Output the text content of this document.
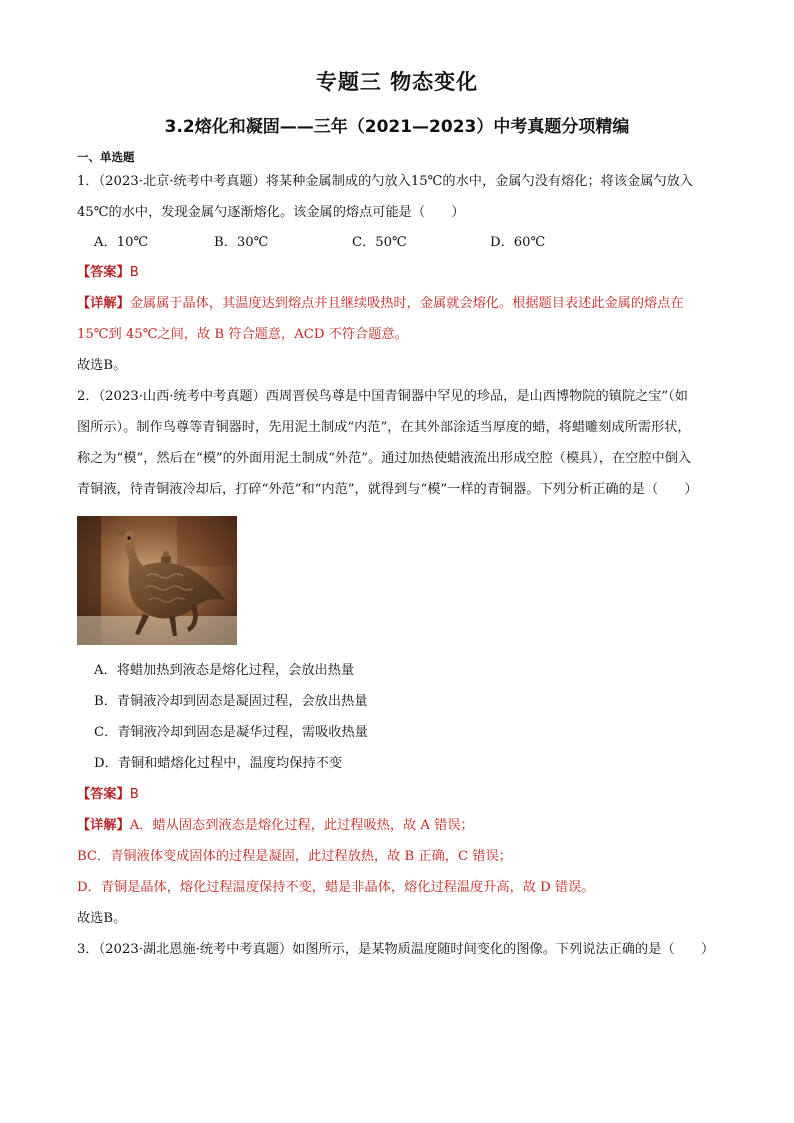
专题三 物态变化
3.2熔化和凝固——三年（2021—2023）中考真题分项精编
一、单选题
1．（2023·北京·统考中考真题）将某种金属制成的勺放入15℃的水中，金属勺没有熔化；将该金属勺放入
45℃的水中，发现金属勺逐渐熔化。该金属的熔点可能是（　　）
A．10℃	B．30℃	C．50℃	D．60℃
【答案】B
【详解】金属属于晶体，其温度达到熔点并且继续吸热时，金属就会熔化。根据题目表述此金属的熔点在
15℃到 45℃之间，故 B 符合题意，ACD 不符合题意。
故选B。
2．（2023·山西·统考中考真题）西周晋侯鸟尊是中国青铜器中罕见的珍品，是山西博物院的镇院之宝”（如
图所示）。制作鸟尊等青铜器时，先用泥土制成“内范”，在其外部涂适当厚度的蜡，将蜡雕刻成所需形状，
称之为“模”，然后在“模”的外面用泥土制成“外范”。通过加热使蜡液流出形成空腔（模具），在空腔中倒入
青铜液，待青铜液冷却后，打碎“外范”和“内范”，就得到与“模”一样的青铜器。下列分析正确的是（　　）
A．将蜡加热到液态是熔化过程，会放出热量
B．青铜液冷却到固态是凝固过程，会放出热量
C．青铜液冷却到固态是凝华过程，需吸收热量
D．青铜和蜡熔化过程中，温度均保持不变
【答案】B
【详解】A．蜡从固态到液态是熔化过程，此过程吸热，故 A 错误；
BC．青铜液体变成固体的过程是凝固，此过程放热，故 B 正确，C 错误；
D．青铜是晶体，熔化过程温度保持不变，蜡是非晶体，熔化过程温度升高，故 D 错误。
故选B。
3．（2023·湖北恩施·统考中考真题）如图所示，是某物质温度随时间变化的图像。下列说法正确的是（　　）
